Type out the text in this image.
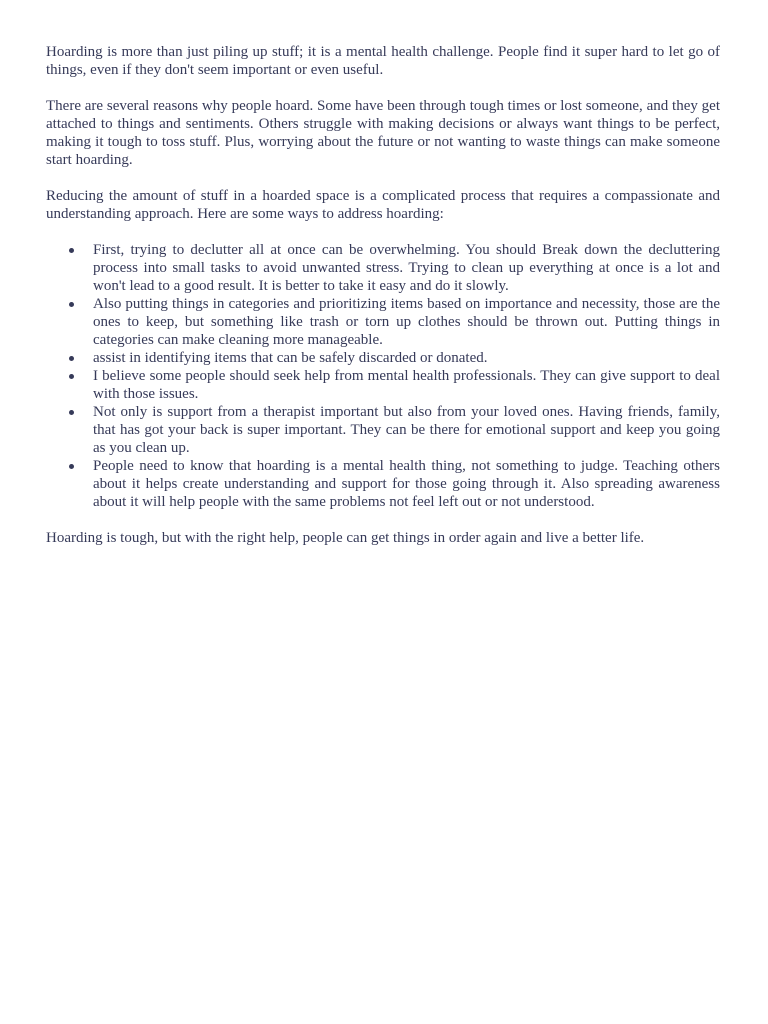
Hoarding is more than just piling up stuff; it is a mental health challenge. People find it super hard to let go of things, even if they don't seem important or even useful.

There are several reasons why people hoard. Some have been through tough times or lost someone, and they get attached to things and sentiments. Others struggle with making decisions or always want things to be perfect, making it tough to toss stuff. Plus, worrying about the future or not wanting to waste things can make someone start hoarding.

Reducing the amount of stuff in a hoarded space is a complicated process that requires a compassionate and understanding approach. Here are some ways to address hoarding:

First, trying to declutter all at once can be overwhelming. You should Break down the decluttering process into small tasks to avoid unwanted stress. Trying to clean up everything at once is a lot and won't lead to a good result. It is better to take it easy and do it slowly.
Also putting things in categories and prioritizing items based on importance and necessity, those are the ones to keep, but something like trash or torn up clothes should be thrown out. Putting things in categories can make cleaning more manageable.
assist in identifying items that can be safely discarded or donated.
I believe some people should seek help from mental health professionals. They can give support to deal with those issues.
Not only is support from a therapist important but also from your loved ones. Having friends, family, that has got your back is super important. They can be there for emotional support and keep you going as you clean up.
People need to know that hoarding is a mental health thing, not something to judge. Teaching others about it helps create understanding and support for those going through it. Also spreading awareness about it will help people with the same problems not feel left out or not understood.

Hoarding is tough, but with the right help, people can get things in order again and live a better life.
